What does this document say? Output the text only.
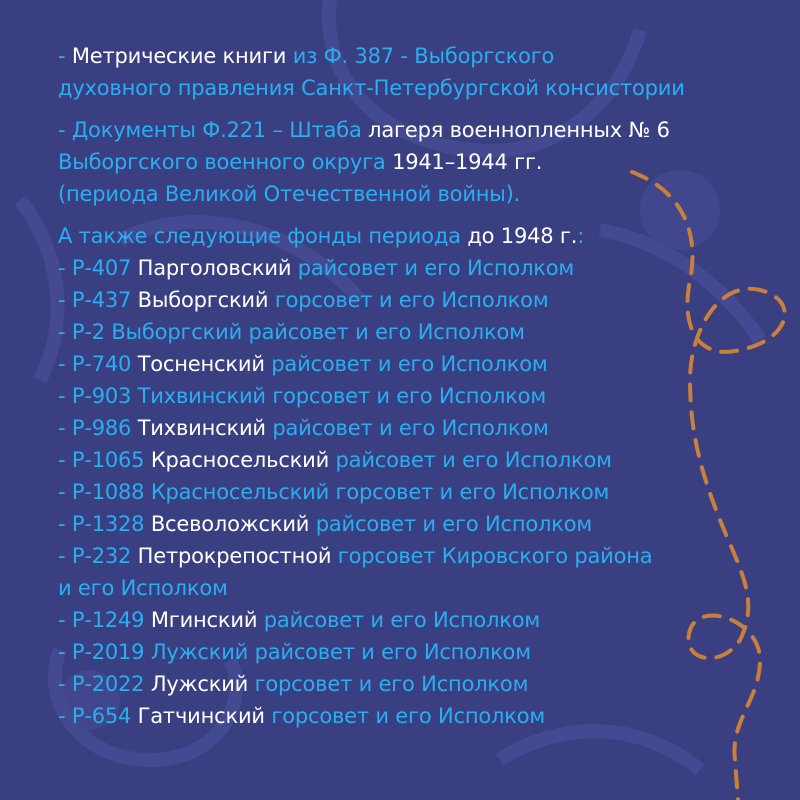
- Метрические книги из Ф. 387 - Выборгского
духовного правления Санкт-Петербургской консистории

- Документы Ф.221 – Штаба лагеря военнопленных № 6
Выборгского военного округа 1941–1944 гг.
(периода Великой Отечественной войны).

А также следующие фонды периода до 1948 г.:
- Р-407 Парголовский райсовет и его Исполком
- Р-437 Выборгский горсовет и его Исполком
- Р-2 Выборгский райсовет и его Исполком
- Р-740 Тосненский райсовет и его Исполком
- Р-903 Тихвинский горсовет и его Исполком
- Р-986 Тихвинский райсовет и его Исполком
- Р-1065 Красносельский райсовет и его Исполком
- Р-1088 Красносельский горсовет и его Исполком
- Р-1328 Всеволожский райсовет и его Исполком
- Р-232 Петрокрепостной горсовет Кировского района
и его Исполком
- Р-1249 Мгинский райсовет и его Исполком
- Р-2019 Лужский райсовет и его Исполком
- Р-2022 Лужский горсовет и его Исполком
- Р-654 Гатчинский горсовет и его Исполком
